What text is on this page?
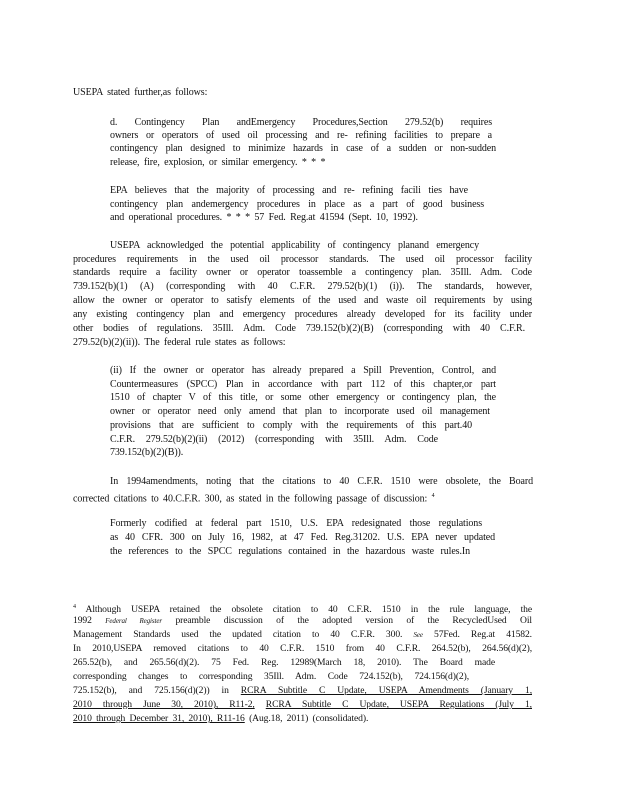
USEPA stated further,as follows:
d. Contingency Plan andEmergency Procedures,Section 279.52(b) requires
owners or operators of used oil processing and re- refining facilities to prepare a
contingency plan designed to minimize hazards in case of a sudden or non-sudden
release, fire, explosion, or similar emergency. * * *
EPA believes that the majority of processing and re- refining facili ties have
contingency plan andemergency procedures in place as a part of good business
and operational procedures. * * * 57 Fed. Reg.at 41594 (Sept. 10, 1992).
USEPA acknowledged the potential applicability of contingency planand emergency
procedures requirements in the used oil processor standards. The used oil processor facility
standards require a facility owner or operator toassemble a contingency plan. 35Ill. Adm. Code
739.152(b)(1) (A) (corresponding with 40 C.F.R. 279.52(b)(1) (i)). The standards, however,
allow the owner or operator to satisfy elements of the used and waste oil requirements by using
any existing contingency plan and emergency procedures already developed for its facility under
other bodies of regulations. 35Ill. Adm. Code 739.152(b)(2)(B) (corresponding with 40 C.F.R.
279.52(b)(2)(ii)). The federal rule states as follows:
(ii) If the owner or operator has already prepared a Spill Prevention, Control, and
Countermeasures (SPCC) Plan in accordance with part 112 of this chapter,or part
1510 of chapter V of this title, or some other emergency or contingency plan, the
owner or operator need only amend that plan to incorporate used oil management
provisions that are sufficient to comply with the requirements of this part.40
C.F.R. 279.52(b)(2)(ii) (2012) (corresponding with 35Ill. Adm. Code
739.152(b)(2)(B)).
In 1994amendments, noting that the citations to 40 C.F.R. 1510 were obsolete, the Board
corrected citations to 40.C.F.R. 300, as stated in the following passage of discussion: $^4$
Formerly codified at federal part 1510, U.S. EPA redesignated those regulations
as 40 CFR. 300 on July 16, 1982, at 47 Fed. Reg.31202. U.S. EPA never updated
the references to the SPCC regulations contained in the hazardous waste rules.In
$^4$ Although USEPA retained the obsolete citation to 40 C.F.R. 1510 in the rule language, the
1992 Federal Register preamble discussion of the adopted version of the RecycledUsed Oil
Management Standards used the updated citation to 40 C.F.R. 300. See 57Fed. Reg.at 41582.
In 2010,USEPA removed citations to 40 C.F.R. 1510 from 40 C.F.R. 264.52(b), 264.56(d)(2),
265.52(b), and 265.56(d)(2). 75 Fed. Reg. 12989(March 18, 2010). The Board made
corresponding changes to corresponding 35Ill. Adm. Code 724.152(b), 724.156(d)(2),
725.152(b), and 725.156(d)(2)) in RCRA Subtitle C Update, USEPA Amendments (January 1,
2010 through June 30, 2010), R11-2, RCRA Subtitle C Update, USEPA Regulations (July 1,
2010 through December 31, 2010), R11-16 (Aug.18, 2011) (consolidated).
